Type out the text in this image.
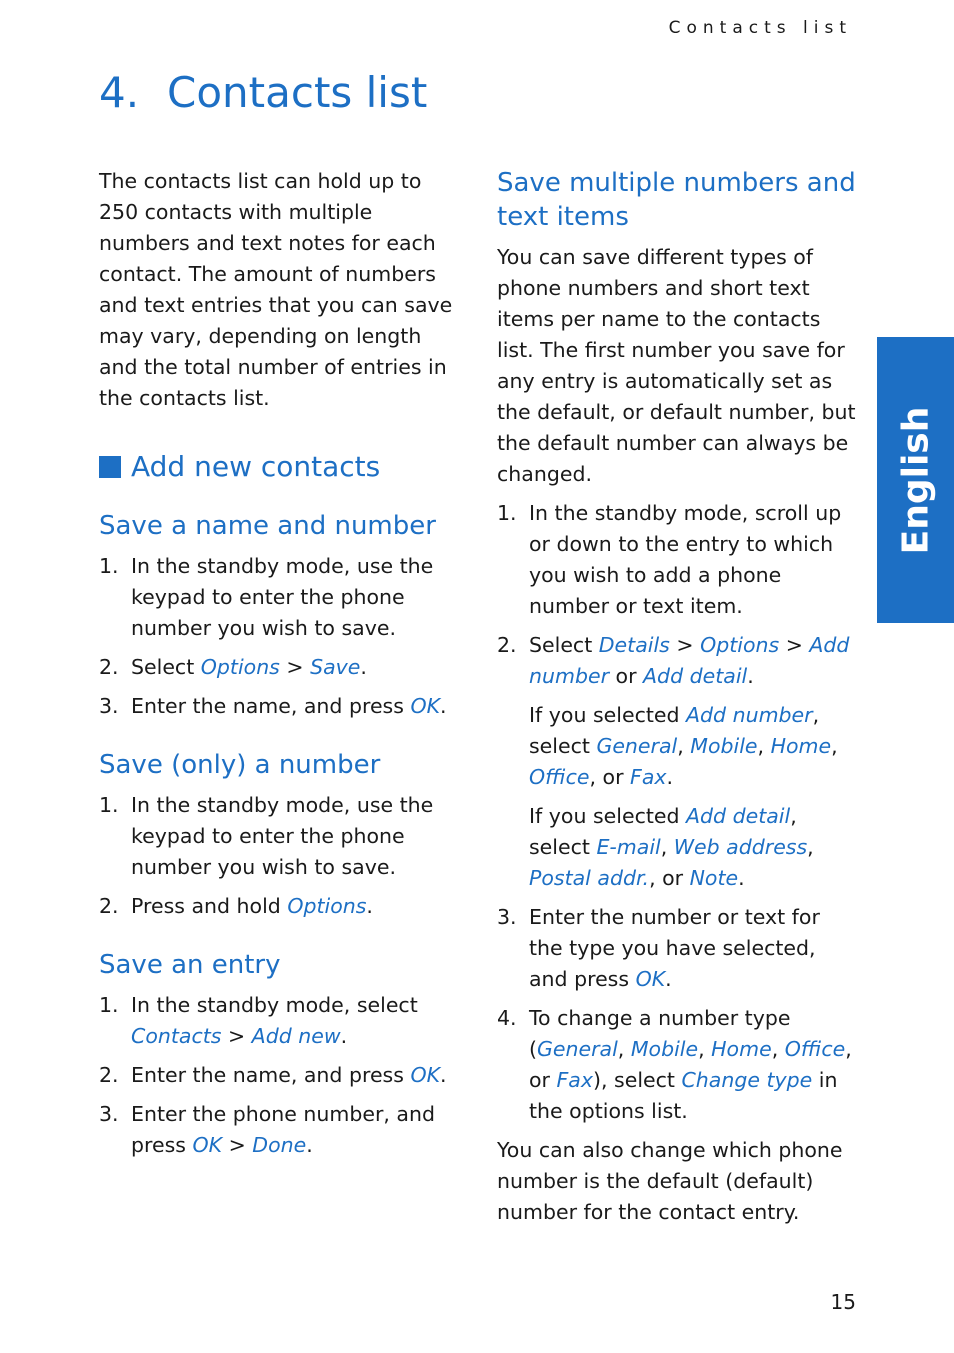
Contacts list
4. Contacts list

The contacts list can hold up to 250 contacts with multiple numbers and text notes for each contact. The amount of numbers and text entries that you can save may vary, depending on length and the total number of entries in the contacts list.

Add new contacts
Save a name and number
1. In the standby mode, use the keypad to enter the phone number you wish to save.
2. Select Options > Save.
3. Enter the name, and press OK.
Save (only) a number
1. In the standby mode, use the keypad to enter the phone number you wish to save.
2. Press and hold Options.
Save an entry
1. In the standby mode, select Contacts > Add new.
2. Enter the name, and press OK.
3. Enter the phone number, and press OK > Done.
Save multiple numbers and text items

You can save different types of phone numbers and short text items per name to the contacts list. The first number you save for any entry is automatically set as the default, or default number, but the default number can always be changed.

1. In the standby mode, scroll up or down to the entry to which you wish to add a phone number or text item.
2. Select Details > Options > Add number or Add detail.
If you selected Add number, select General, Mobile, Home, Office, or Fax.
If you selected Add detail, select E-mail, Web address, Postal addr., or Note.
3. Enter the number or text for the type you have selected, and press OK.
4. To change a number type (General, Mobile, Home, Office, or Fax), select Change type in the options list.

You can also change which phone number is the default (default) number for the contact entry.

English
15
